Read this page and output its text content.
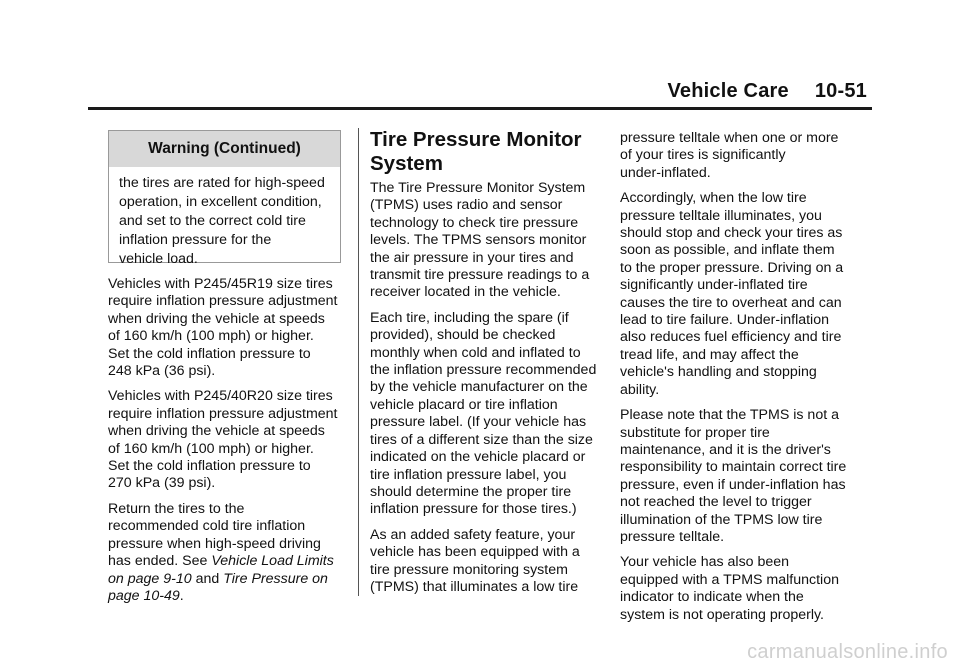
Vehicle Care 10-51
Warning (Continued)
the tires are rated for high-speed
operation, in excellent condition,
and set to the correct cold tire
inflation pressure for the
vehicle load.

Vehicles with P245/45R19 size tires
require inflation pressure adjustment
when driving the vehicle at speeds
of 160 km/h (100 mph) or higher.
Set the cold inflation pressure to
248 kPa (36 psi).

Vehicles with P245/40R20 size tires
require inflation pressure adjustment
when driving the vehicle at speeds
of 160 km/h (100 mph) or higher.
Set the cold inflation pressure to
270 kPa (39 psi).

Return the tires to the
recommended cold tire inflation
pressure when high-speed driving
has ended. See Vehicle Load Limits
on page 9-10 and Tire Pressure on
page 10-49.

Tire Pressure Monitor
System

The Tire Pressure Monitor System
(TPMS) uses radio and sensor
technology to check tire pressure
levels. The TPMS sensors monitor
the air pressure in your tires and
transmit tire pressure readings to a
receiver located in the vehicle.

Each tire, including the spare (if
provided), should be checked
monthly when cold and inflated to
the inflation pressure recommended
by the vehicle manufacturer on the
vehicle placard or tire inflation
pressure label. (If your vehicle has
tires of a different size than the size
indicated on the vehicle placard or
tire inflation pressure label, you
should determine the proper tire
inflation pressure for those tires.)

As an added safety feature, your
vehicle has been equipped with a
tire pressure monitoring system
(TPMS) that illuminates a low tire

pressure telltale when one or more
of your tires is significantly
under-inflated.

Accordingly, when the low tire
pressure telltale illuminates, you
should stop and check your tires as
soon as possible, and inflate them
to the proper pressure. Driving on a
significantly under-inflated tire
causes the tire to overheat and can
lead to tire failure. Under-inflation
also reduces fuel efficiency and tire
tread life, and may affect the
vehicle's handling and stopping
ability.

Please note that the TPMS is not a
substitute for proper tire
maintenance, and it is the driver's
responsibility to maintain correct tire
pressure, even if under-inflation has
not reached the level to trigger
illumination of the TPMS low tire
pressure telltale.

Your vehicle has also been
equipped with a TPMS malfunction
indicator to indicate when the
system is not operating properly.

carmanualsonline.info
